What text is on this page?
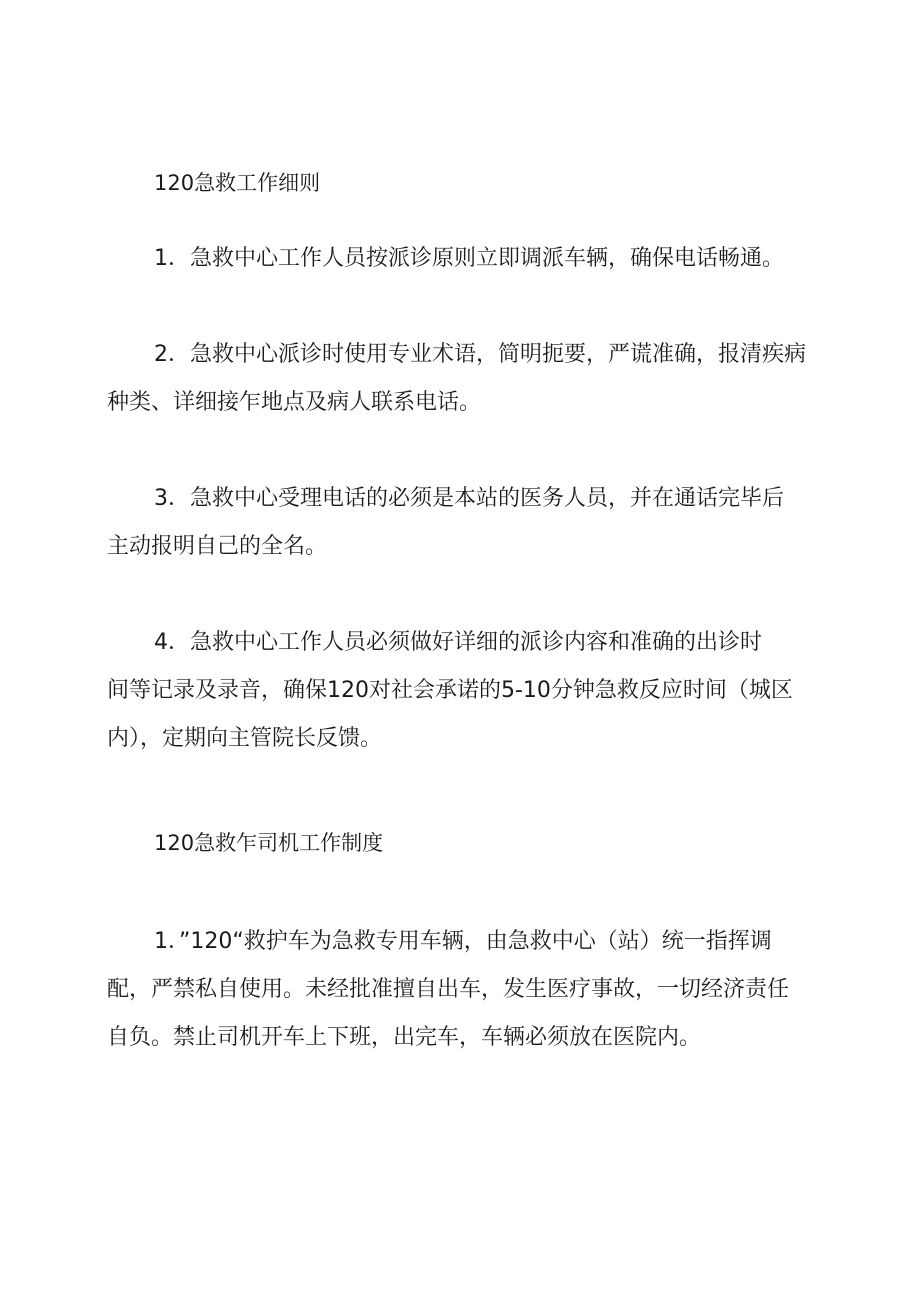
120急救工作细则
1．急救中心工作人员按派诊原则立即调派车辆，确保电话畅通。
2．急救中心派诊时使用专业术语，简明扼要，严谎准确，报清疾病
种类、详细接乍地点及病人联系电话。
3．急救中心受理电话的必须是本站的医务人员，并在通话完毕后
主动报明自己的全名。
4．急救中心工作人员必须做好详细的派诊内容和准确的出诊时
间等记录及录音，确保120对社会承诺的5-10分钟急救反应时间（城区
内），定期向主管院长反馈。
120急救乍司机工作制度
1．”120“救护车为急救专用车辆，由急救中心（站）统一指挥调
配，严禁私自使用。未经批准擅自出车，发生医疗事故，一切经济责任
自负。禁止司机开车上下班，出完车，车辆必须放在医院内。
